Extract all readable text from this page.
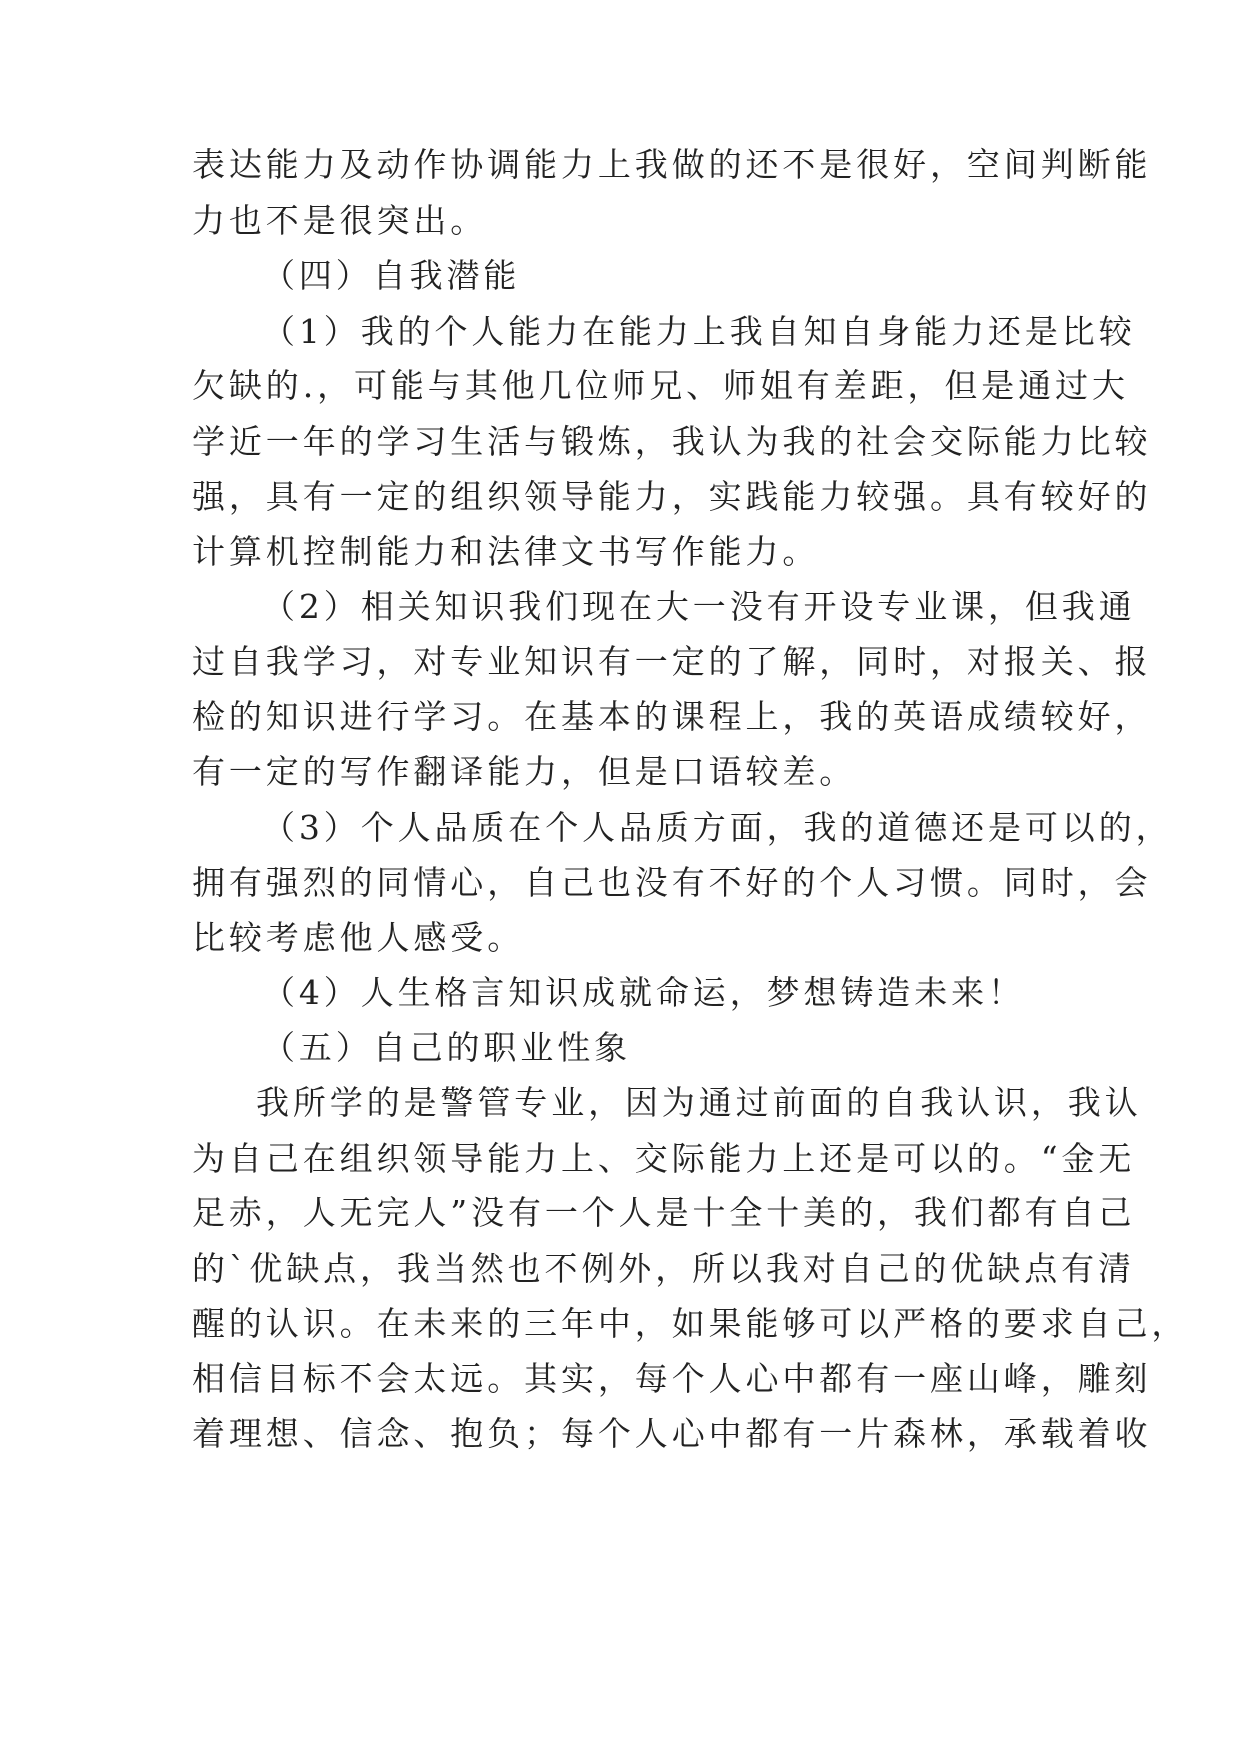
表达能力及动作协调能力上我做的还不是很好，空间判断能
力也不是很突出。
（四）自我潜能
（1）我的个人能力在能力上我自知自身能力还是比较
欠缺的.，可能与其他几位师兄、师姐有差距，但是通过大
学近一年的学习生活与锻炼，我认为我的社会交际能力比较
强，具有一定的组织领导能力，实践能力较强。具有较好的
计算机控制能力和法律文书写作能力。
（2）相关知识我们现在大一没有开设专业课，但我通
过自我学习，对专业知识有一定的了解，同时，对报关、报
检的知识进行学习。在基本的课程上，我的英语成绩较好，
有一定的写作翻译能力，但是口语较差。
（3）个人品质在个人品质方面，我的道德还是可以的，
拥有强烈的同情心，自己也没有不好的个人习惯。同时，会
比较考虑他人感受。
（4）人生格言知识成就命运，梦想铸造未来！
（五）自己的职业性象
我所学的是警管专业，因为通过前面的自我认识，我认
为自己在组织领导能力上、交际能力上还是可以的。“金无
足赤，人无完人”没有一个人是十全十美的，我们都有自己
的`优缺点，我当然也不例外，所以我对自己的优缺点有清
醒的认识。在未来的三年中，如果能够可以严格的要求自己，
相信目标不会太远。其实，每个人心中都有一座山峰，雕刻
着理想、信念、抱负；每个人心中都有一片森林，承载着收
